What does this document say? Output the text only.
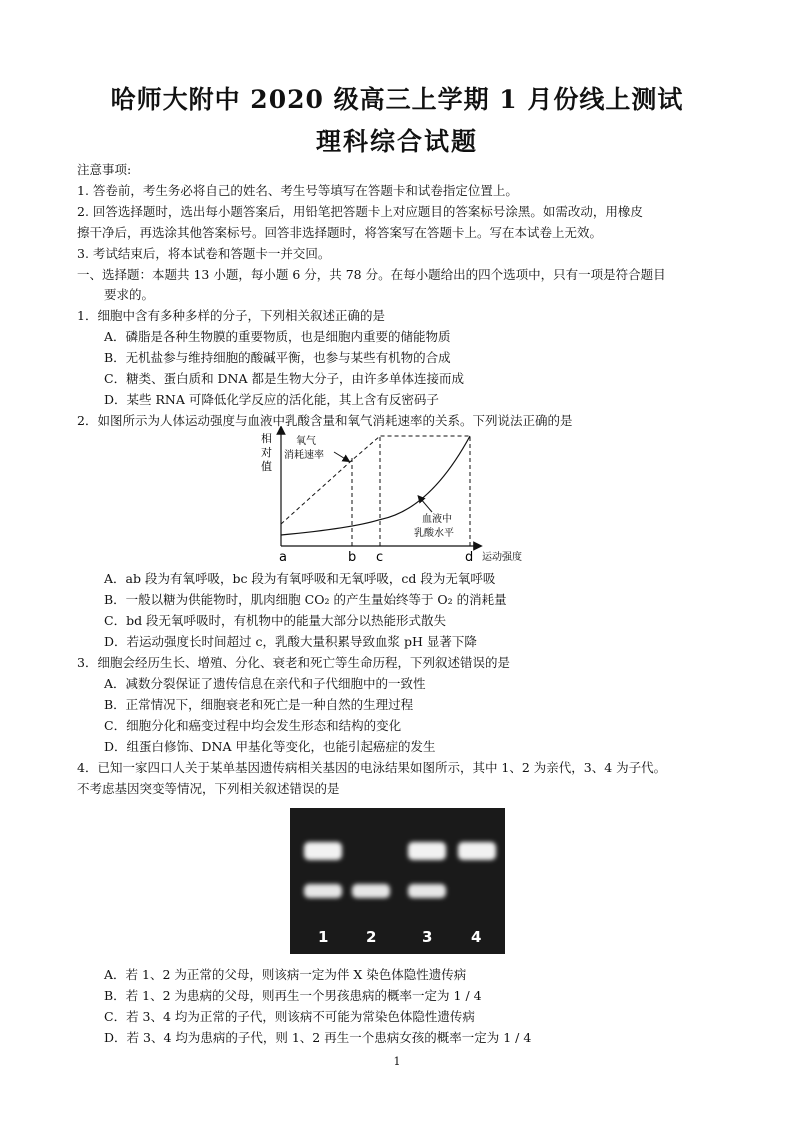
哈师大附中 2020 级高三上学期 1 月份线上测试
理科综合试题
注意事项:
1. 答卷前，考生务必将自己的姓名、考生号等填写在答题卡和试卷指定位置上。
2. 回答选择题时，选出每小题答案后，用铅笔把答题卡上对应题目的答案标号涂黑。如需改动，用橡皮
擦干净后，再选涂其他答案标号。回答非选择题时，将答案写在答题卡上。写在本试卷上无效。
3. 考试结束后，将本试卷和答题卡一并交回。
一、选择题：本题共 13 小题，每小题 6 分，共 78 分。在每小题给出的四个选项中，只有一项是符合题目
要求的。
1．细胞中含有多种多样的分子，下列相关叙述正确的是
A．磷脂是各种生物膜的重要物质，也是细胞内重要的储能物质
B．无机盐参与维持细胞的酸碱平衡，也参与某些有机物的合成
C．糖类、蛋白质和 DNA 都是生物大分子，由许多单体连接而成
D．某些 RNA 可降低化学反应的活化能，其上含有反密码子
2．如图所示为人体运动强度与血液中乳酸含量和氧气消耗速率的关系。下列说法正确的是
相
对
值
运动强度
氧气
消耗速率
血液中
乳酸水平
a	b c	d
A．ab 段为有氧呼吸，bc 段为有氧呼吸和无氧呼吸，cd 段为无氧呼吸
B．一般以糖为供能物时，肌肉细胞 CO₂ 的产生量始终等于 O₂ 的消耗量
C．bd 段无氧呼吸时，有机物中的能量大部分以热能形式散失
D．若运动强度长时间超过 c，乳酸大量积累导致血浆 pH 显著下降
3．细胞会经历生长、增殖、分化、衰老和死亡等生命历程，下列叙述错误的是
A．减数分裂保证了遗传信息在亲代和子代细胞中的一致性
B．正常情况下，细胞衰老和死亡是一种自然的生理过程
C．细胞分化和癌变过程中均会发生形态和结构的变化
D．组蛋白修饰、DNA 甲基化等变化，也能引起癌症的发生
4．已知一家四口人关于某单基因遗传病相关基因的电泳结果如图所示，其中 1、2 为亲代，3、4 为子代。
不考虑基因突变等情况，下列相关叙述错误的是
1	2	3	4
A．若 1、2 为正常的父母，则该病一定为伴 X 染色体隐性遗传病
B．若 1、2 为患病的父母，则再生一个男孩患病的概率一定为 1 / 4
C．若 3、4 均为正常的子代，则该病不可能为常染色体隐性遗传病
D．若 3、4 均为患病的子代，则 1、2 再生一个患病女孩的概率一定为 1 / 4
1
